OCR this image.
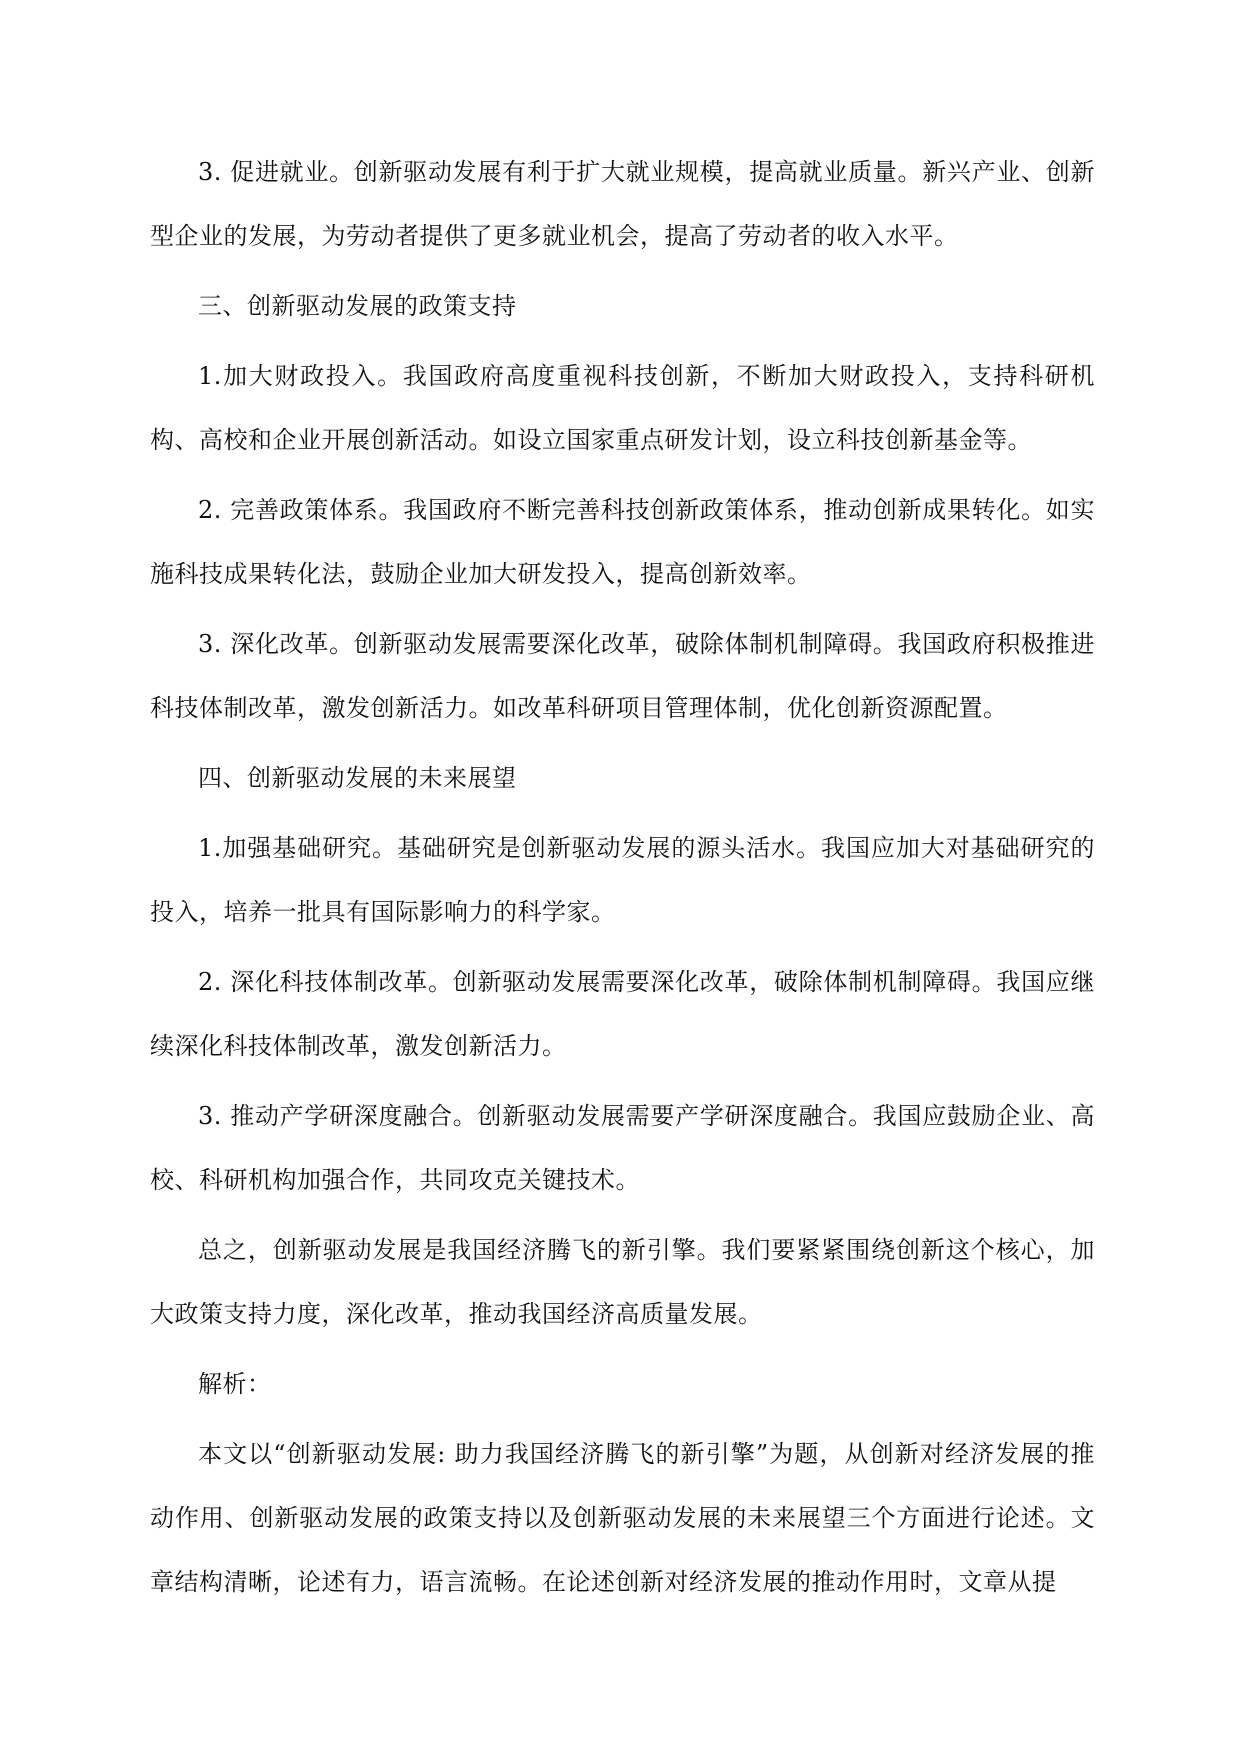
3. 促进就业。创新驱动发展有利于扩大就业规模，提高就业质量。新兴产业、创新型企业的发展，为劳动者提供了更多就业机会，提高了劳动者的收入水平。

三、创新驱动发展的政策支持

1.加大财政投入。我国政府高度重视科技创新，不断加大财政投入，支持科研机构、高校和企业开展创新活动。如设立国家重点研发计划，设立科技创新基金等。

2. 完善政策体系。我国政府不断完善科技创新政策体系，推动创新成果转化。如实施科技成果转化法，鼓励企业加大研发投入，提高创新效率。

3. 深化改革。创新驱动发展需要深化改革，破除体制机制障碍。我国政府积极推进科技体制改革，激发创新活力。如改革科研项目管理体制，优化创新资源配置。

四、创新驱动发展的未来展望

1.加强基础研究。基础研究是创新驱动发展的源头活水。我国应加大对基础研究的投入，培养一批具有国际影响力的科学家。

2. 深化科技体制改革。创新驱动发展需要深化改革，破除体制机制障碍。我国应继续深化科技体制改革，激发创新活力。

3. 推动产学研深度融合。创新驱动发展需要产学研深度融合。我国应鼓励企业、高校、科研机构加强合作，共同攻克关键技术。

总之，创新驱动发展是我国经济腾飞的新引擎。我们要紧紧围绕创新这个核心，加大政策支持力度，深化改革，推动我国经济高质量发展。

解析：

本文以“创新驱动发展: 助力我国经济腾飞的新引擎”为题，从创新对经济发展的推动作用、创新驱动发展的政策支持以及创新驱动发展的未来展望三个方面进行论述。文章结构清晰，论述有力，语言流畅。在论述创新对经济发展的推动作用时，文章从提
